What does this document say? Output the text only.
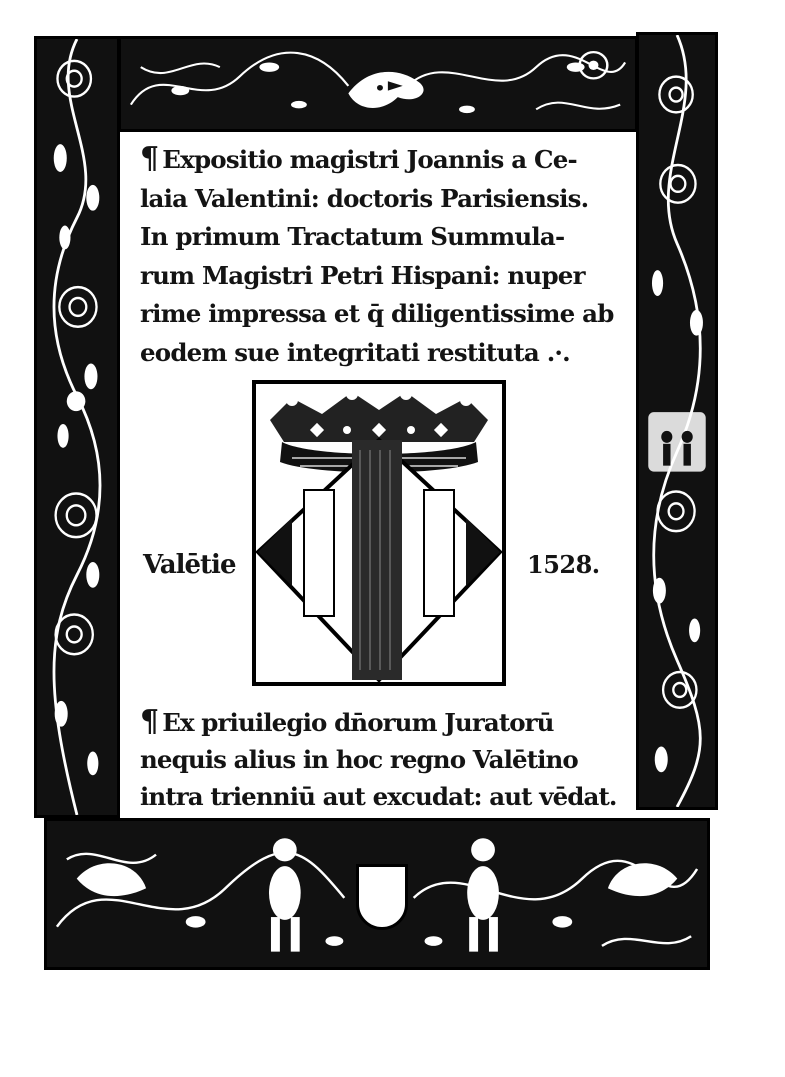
¶ Expositio magistri Joannis a Ce-
laia Valentini: doctoris Parisiensis.
In primum Tractatum Summula-
rum Magistri Petri Hispani: nuper
rime impressa et q̄ diligentissime ab
eodem sue integritati restituta .·.
Valētie	1528.
¶ Ex priuilegio dn̄orum Juratorū
nequis alius in hoc regno Valētino
intra trienniū aut excudat: aut vēdat.
